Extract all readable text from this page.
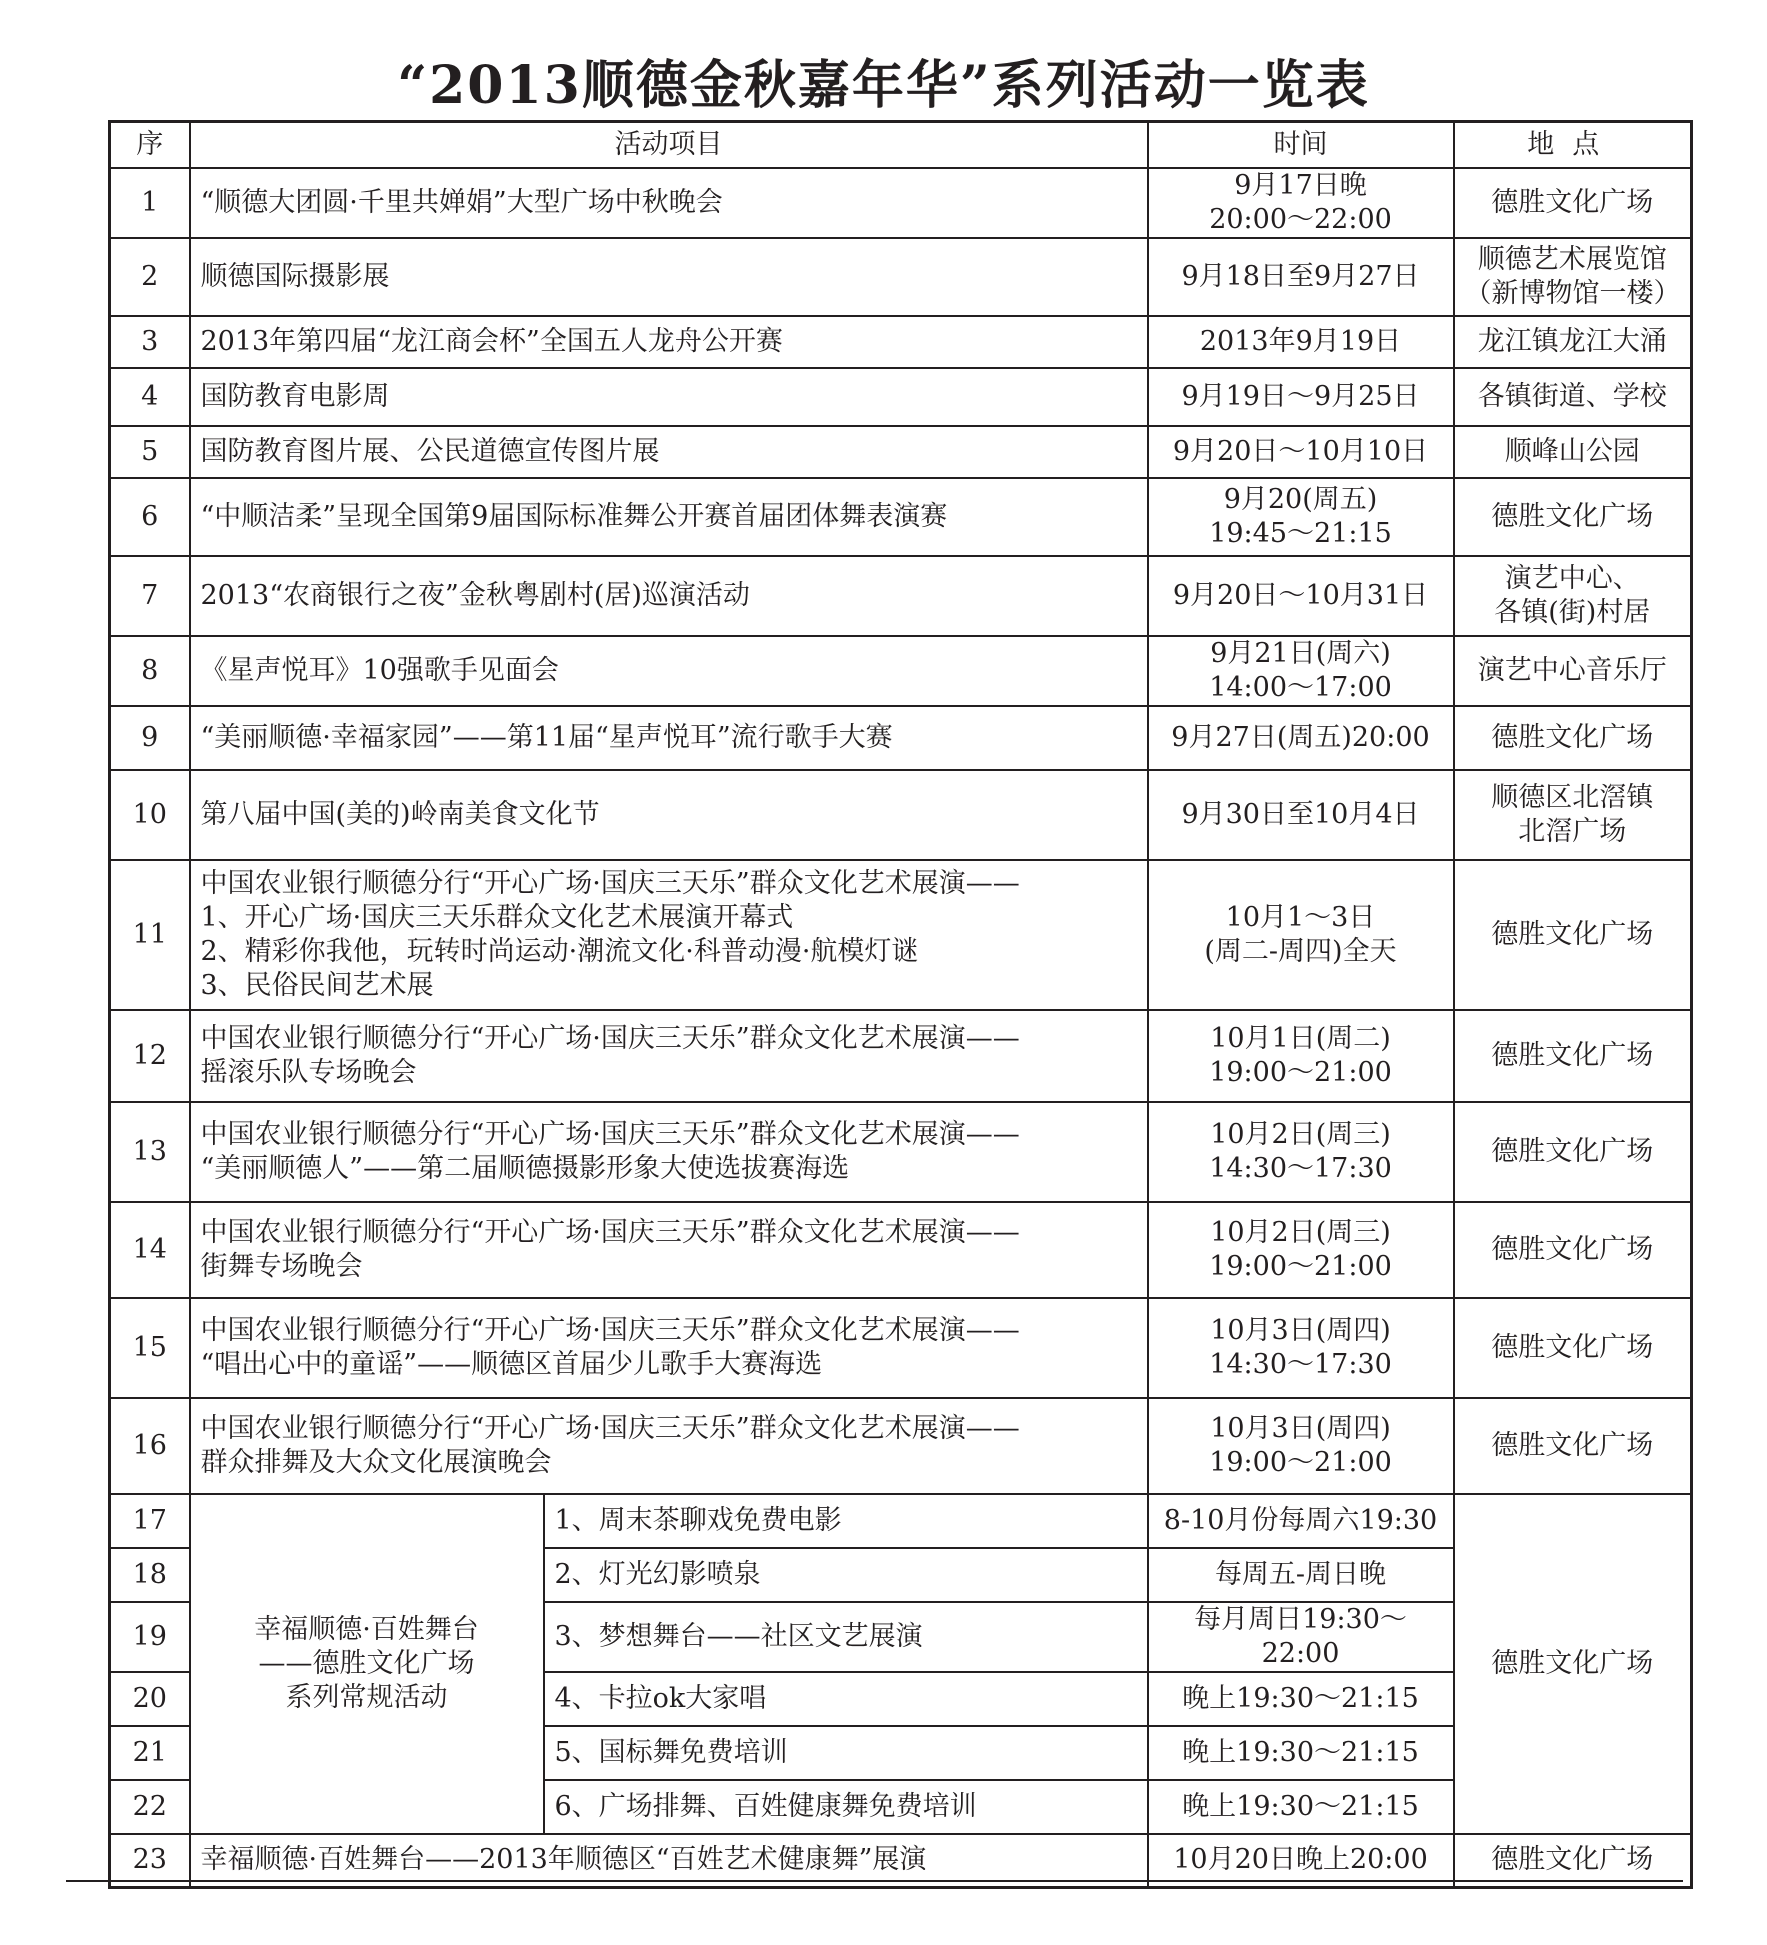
“2013顺德金秋嘉年华”系列活动一览表
序	活动项目		时间	地点
1	“顺德大团圆·千里共婵娟”大型广场中秋晚会		9月17日晚
20:00～22:00	德胜文化广场

2	顺德国际摄影展		9月18日至9月27日	顺德艺术展览馆
（新博物馆一楼）

3	2013年第四届“龙江商会杯”全国五人龙舟公开赛		2013年9月19日	龙江镇龙江大涌

4	国防教育电影周		9月19日～9月25日	各镇街道、学校

5	国防教育图片展、公民道德宣传图片展		9月20日～10月10日	顺峰山公园

6	“中顺洁柔”呈现全国第9届国际标准舞公开赛首届团体舞表演赛		9月20(周五)
19:45～21:15	德胜文化广场

7	2013“农商银行之夜”金秋粤剧村(居)巡演活动		9月20日～10月31日	演艺中心、
各镇(街)村居

8	《星声悦耳》10强歌手见面会		9月21日(周六)
14:00～17:00	演艺中心音乐厅

9	“美丽顺德·幸福家园”——第11届“星声悦耳”流行歌手大赛		9月27日(周五)20:00	德胜文化广场

10	第八届中国(美的)岭南美食文化节		9月30日至10月4日	顺德区北滘镇
北滘广场

11	中国农业银行顺德分行“开心广场·国庆三天乐”群众文化艺术展演——
1、开心广场·国庆三天乐群众文化艺术展演开幕式
2、精彩你我他，玩转时尚运动·潮流文化·科普动漫·航模灯谜
3、民俗民间艺术展		10月1～3日
(周二-周四)全天	德胜文化广场

12	中国农业银行顺德分行“开心广场·国庆三天乐”群众文化艺术展演——
摇滚乐队专场晚会		10月1日(周二)
19:00～21:00	德胜文化广场

13	中国农业银行顺德分行“开心广场·国庆三天乐”群众文化艺术展演——
“美丽顺德人”——第二届顺德摄影形象大使选拔赛海选		10月2日(周三)
14:30～17:30	德胜文化广场

14	中国农业银行顺德分行“开心广场·国庆三天乐”群众文化艺术展演——
街舞专场晚会		10月2日(周三)
19:00～21:00	德胜文化广场

15	中国农业银行顺德分行“开心广场·国庆三天乐”群众文化艺术展演——
“唱出心中的童谣”——顺德区首届少儿歌手大赛海选		10月3日(周四)
14:30～17:30	德胜文化广场

16	中国农业银行顺德分行“开心广场·国庆三天乐”群众文化艺术展演——
群众排舞及大众文化展演晚会		10月3日(周四)
19:00～21:00	德胜文化广场

17	幸福顺德·百姓舞台
——德胜文化广场
系列常规活动	1、周末茶聊戏免费电影	8-10月份每周六19:30	德胜文化广场
18		2、灯光幻影喷泉	每周五-周日晚	
19		3、梦想舞台——社区文艺展演	每月周日19:30～22:00	
20		4、卡拉ok大家唱	晚上19:30～21:15	
21		5、国标舞免费培训	晚上19:30～21:15	
22		6、广场排舞、百姓健康舞免费培训	晚上19:30～21:15	
23	幸福顺德·百姓舞台——2013年顺德区“百姓艺术健康舞”展演		10月20日晚上20:00	德胜文化广场
